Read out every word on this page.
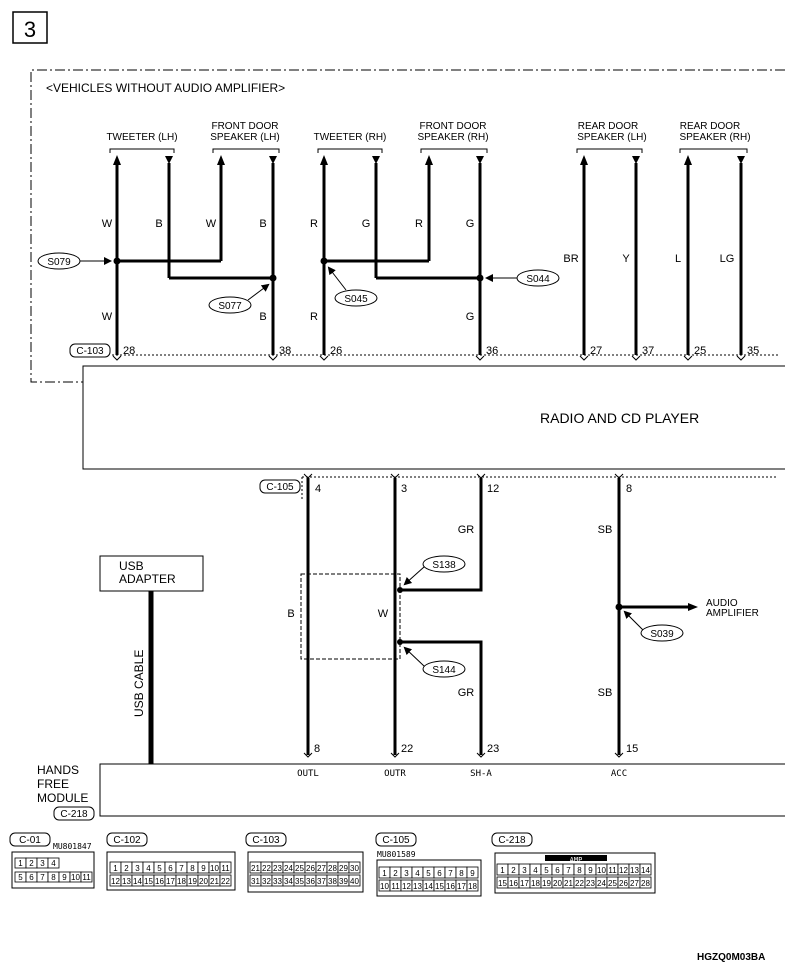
3
<VEHICLES WITHOUT AUDIO AMPLIFIER>
TWEETER (LH)
FRONT DOOR
SPEAKER (LH)	TWEETER (RH)
FRONT DOOR
SPEAKER (RH)
REAR DOOR
SPEAKER (LH)
REAR DOOR
SPEAKER (RH)
W	B	W	B	R	G	R	G
BR	Y	L	LG
W	B	R	G
S079
S077
S045
S044
C-103 28	38	26	36	27	37	25	35
RADIO AND CD PLAYER
C-105 4	3	12	8
GR	SB
B	W
GR	SB
S138
S144
S039
AUDIO
AMPLIFIER
USB
ADAPTER
USB CABLE
8	22	23	15
HANDS
FREE
MODULE
C-218
OUTL	OUTR	SH-A	ACC
C-01
MU801847
1 2 3 4
5 6 7 8 9 10 11
C-102
1 2 3 4 5 6 7 8 9 10 11
12 13 14 15 16 17 18 19 20 21 22
C-103
21 22 23 24 25 26 27 28 29 30
31 32 33 34 35 36 37 38 39 40
C-105
MU801589
1 2 3 4 5 6 7 8 9
10 11 12 13 14 15 16 17 18
C-218
AMP
1 2 3 4 5 6 7 8 9 10 11 12 13 14
15 16 17 18 19 20 21 22 23 24 25 26 27 28
HGZQ0M03BA
